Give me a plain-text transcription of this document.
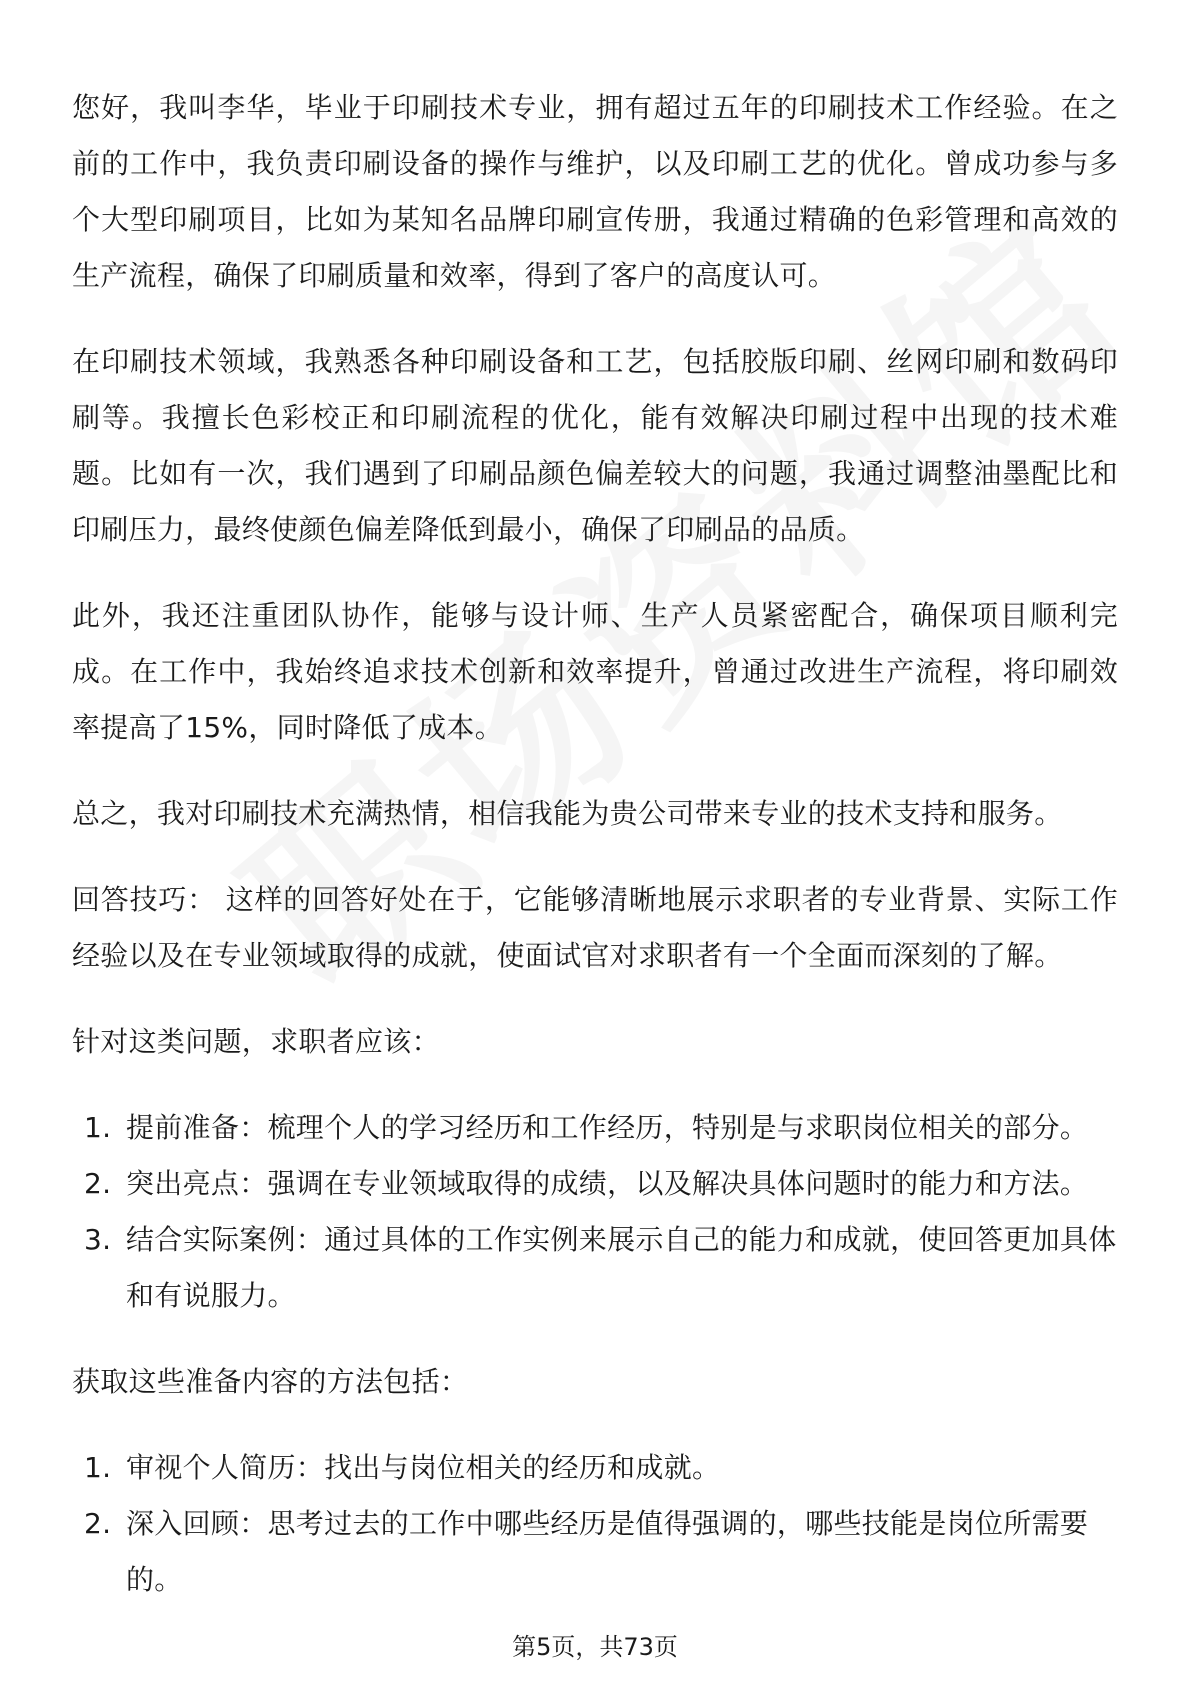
您好，我叫李华，毕业于印刷技术专业，拥有超过五年的印刷技术工作经验。在之前的工作中，我负责印刷设备的操作与维护，以及印刷工艺的优化。曾成功参与多个大型印刷项目，比如为某知名品牌印刷宣传册，我通过精确的色彩管理和高效的生产流程，确保了印刷质量和效率，得到了客户的高度认可。

在印刷技术领域，我熟悉各种印刷设备和工艺，包括胶版印刷、丝网印刷和数码印刷等。我擅长色彩校正和印刷流程的优化，能有效解决印刷过程中出现的技术难题。比如有一次，我们遇到了印刷品颜色偏差较大的问题，我通过调整油墨配比和印刷压力，最终使颜色偏差降低到最小，确保了印刷品的品质。

此外，我还注重团队协作，能够与设计师、生产人员紧密配合，确保项目顺利完成。在工作中，我始终追求技术创新和效率提升，曾通过改进生产流程，将印刷效率提高了15%，同时降低了成本。

总之，我对印刷技术充满热情，相信我能为贵公司带来专业的技术支持和服务。

回答技巧： 这样的回答好处在于，它能够清晰地展示求职者的专业背景、实际工作经验以及在专业领域取得的成就，使面试官对求职者有一个全面而深刻的了解。

针对这类问题，求职者应该：

1. 提前准备：梳理个人的学习经历和工作经历，特别是与求职岗位相关的部分。
2. 突出亮点：强调在专业领域取得的成绩，以及解决具体问题时的能力和方法。
3. 结合实际案例：通过具体的工作实例来展示自己的能力和成就，使回答更加具体和有说服力。

获取这些准备内容的方法包括：

1. 审视个人简历：找出与岗位相关的经历和成就。
2. 深入回顾：思考过去的工作中哪些经历是值得强调的，哪些技能是岗位所需要的。
第5页，共73页
